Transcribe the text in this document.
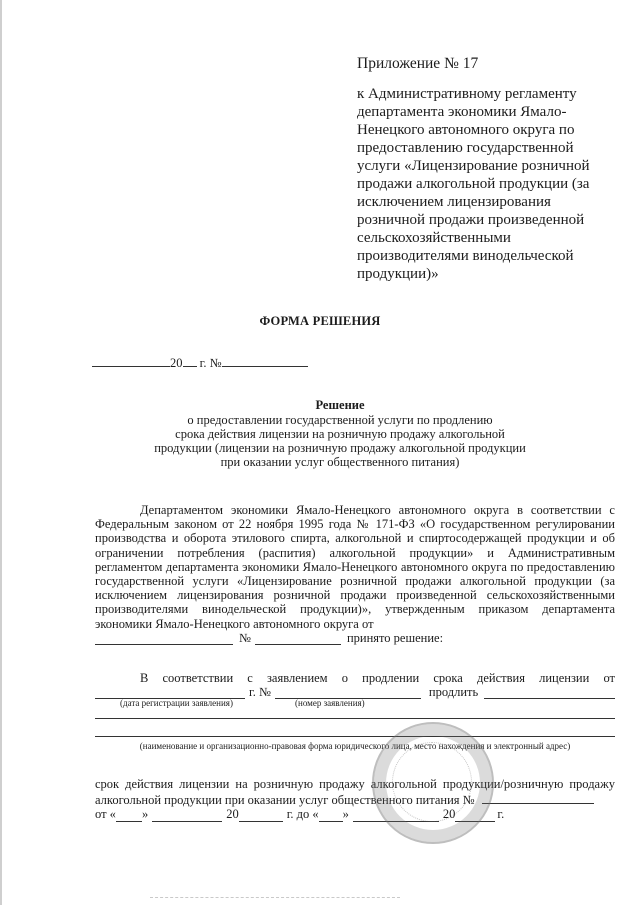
Приложение № 17

к Административному регламенту департамента экономики Ямало-Ненецкого автономного округа по предоставлению государственной услуги «Лицензирование розничной продажи алкогольной продукции (за исключением лицензирования розничной продажи произведенной сельскохозяйственными производителями винодельческой продукции)»

ФОРМА РЕШЕНИЯ
20 г. №
Решение
о предоставлении государственной услуги по продлению
срока действия лицензии на розничную продажу алкогольной
продукции (лицензии на розничную продажу алкогольной продукции
при оказании услуг общественного питания)
Департаментом экономики Ямало-Ненецкого автономного округа в соответствии с Федеральным законом от 22 ноября 1995 года № 171-ФЗ «О государственном регулировании производства и оборота этилового спирта, алкогольной и спиртосодержащей продукции и об ограничении потребления (распития) алкогольной продукции» и Административным регламентом департамента экономики Ямало-Ненецкого автономного округа по предоставлению государственной услуги «Лицензирование розничной продажи алкогольной продукции (за исключением лицензирования розничной продажи произведенной сельскохозяйственными производителями винодельческой продукции)», утвержденным приказом департамента экономики Ямало-Ненецкого автономного округа от
№	принято решение:
В соответствии с заявлением о продлении срока действия лицензии от
г. №	продлить
(дата регистрации заявления)	(номер заявления)
(наименование и организационно-правовая форма юридического лица, место нахождения и электронный адрес)
срок действия лицензии на розничную продажу алкогольной продукции/розничную продажу алкогольной продукции при оказании услуг общественного питания №
от « »	20	г. до « »	20	г.
